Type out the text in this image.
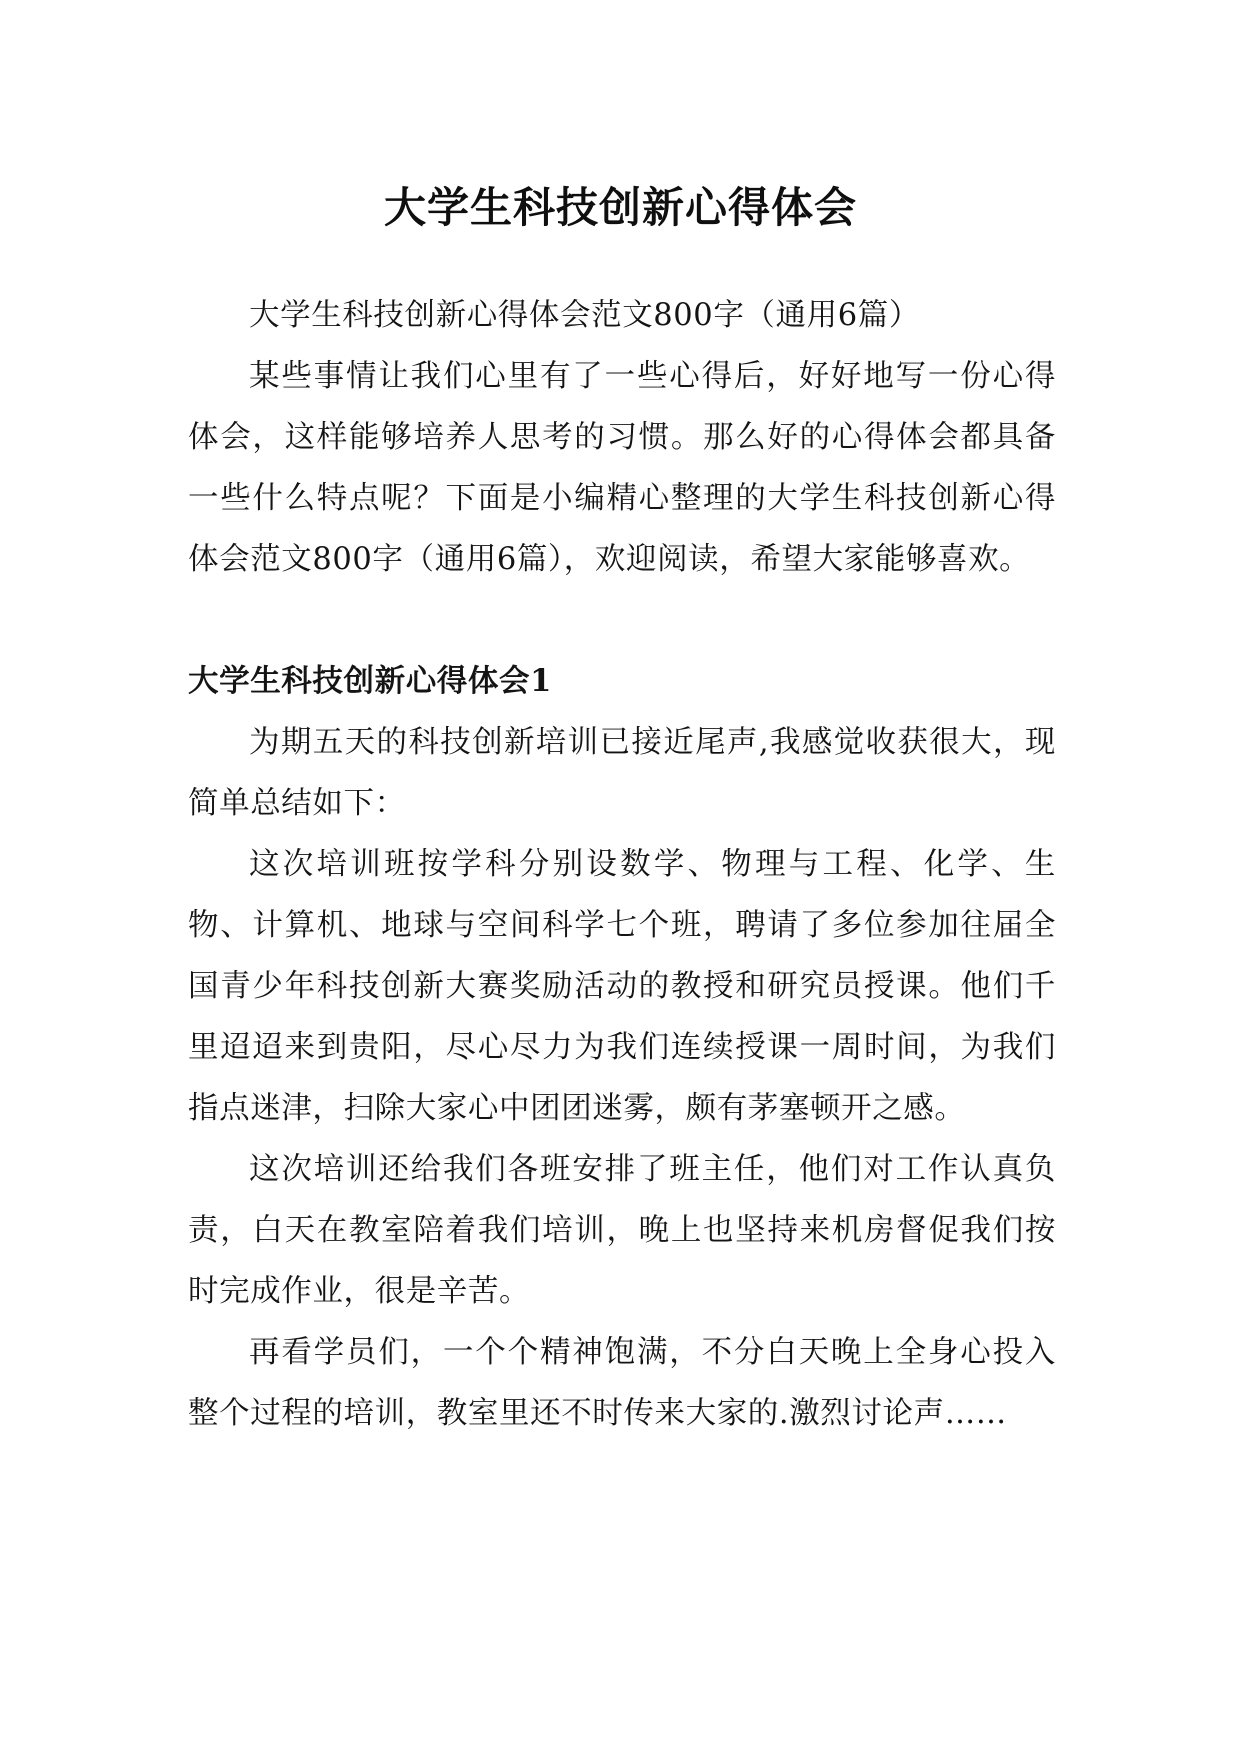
大学生科技创新心得体会

大学生科技创新心得体会范文800字（通用6篇）

某些事情让我们心里有了一些心得后，好好地写一份心得体会，这样能够培养人思考的习惯。那么好的心得体会都具备一些什么特点呢？下面是小编精心整理的大学生科技创新心得体会范文800字（通用6篇），欢迎阅读，希望大家能够喜欢。

大学生科技创新心得体会1

为期五天的科技创新培训已接近尾声,我感觉收获很大，现简单总结如下：

这次培训班按学科分别设数学、物理与工程、化学、生物、计算机、地球与空间科学七个班，聘请了多位参加往届全国青少年科技创新大赛奖励活动的教授和研究员授课。他们千里迢迢来到贵阳，尽心尽力为我们连续授课一周时间，为我们指点迷津，扫除大家心中团团迷雾，颇有茅塞顿开之感。

这次培训还给我们各班安排了班主任，他们对工作认真负责，白天在教室陪着我们培训，晚上也坚持来机房督促我们按时完成作业，很是辛苦。

再看学员们，一个个精神饱满，不分白天晚上全身心投入整个过程的培训，教室里还不时传来大家的.激烈讨论声……
